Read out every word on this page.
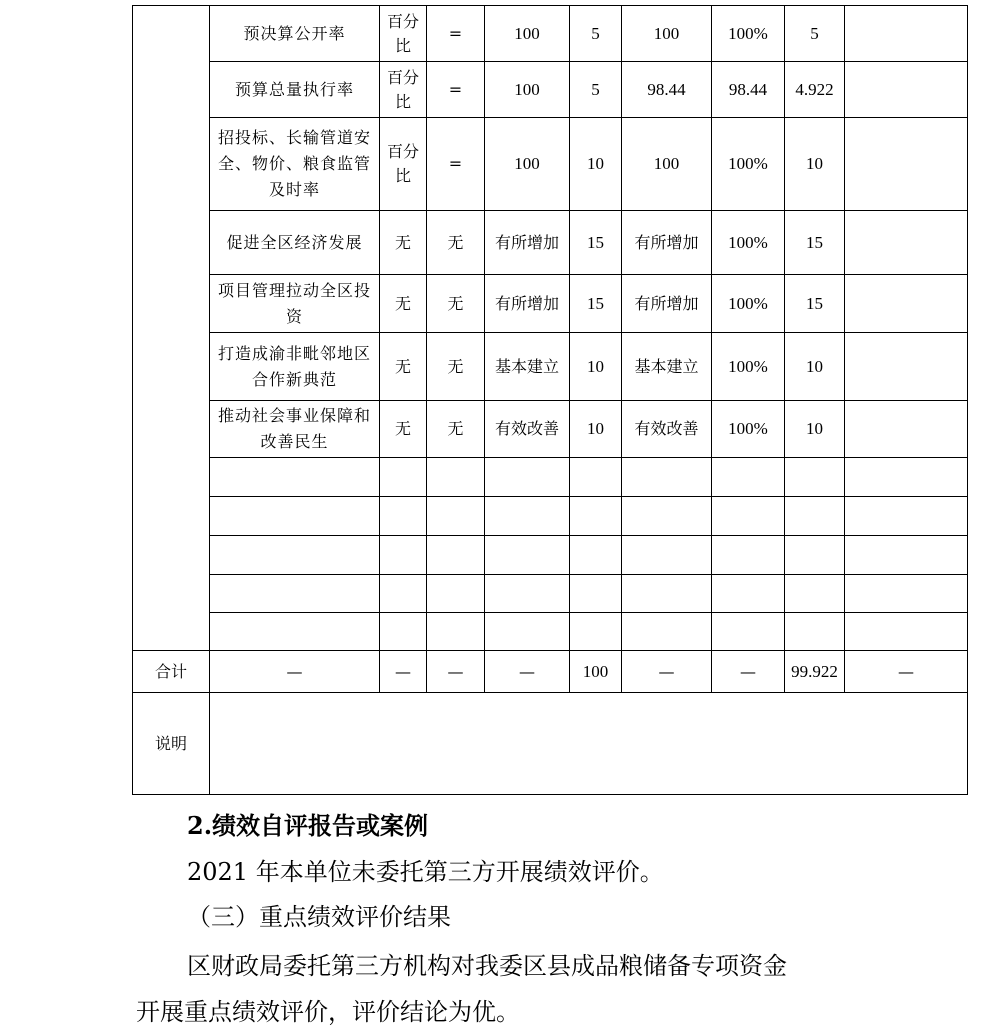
	预决算公开率	百分比	=	100	5	100	100%	5	
	预算总量执行率	百分比	=	100	5	98.44	98.44	4.922	
	招投标、长输管道安全、物价、粮食监管及时率	百分比	=	100	10	100	100%	10	
	促进全区经济发展	无	无	有所增加	15	有所增加	100%	15	
	项目管理拉动全区投资	无	无	有所增加	15	有所增加	100%	15	
	打造成渝非毗邻地区合作新典范	无	无	基本建立	10	基本建立	100%	10	
	推动社会事业保障和改善民生	无	无	有效改善	10	有效改善	100%	10	

合计	—	—	—	—	100	—	—	99.922	—
说明									

2.绩效自评报告或案例

2021 年本单位未委托第三方开展绩效评价。

（三）重点绩效评价结果

区财政局委托第三方机构对我委区县成品粮储备专项资金

开展重点绩效评价，评价结论为优。
